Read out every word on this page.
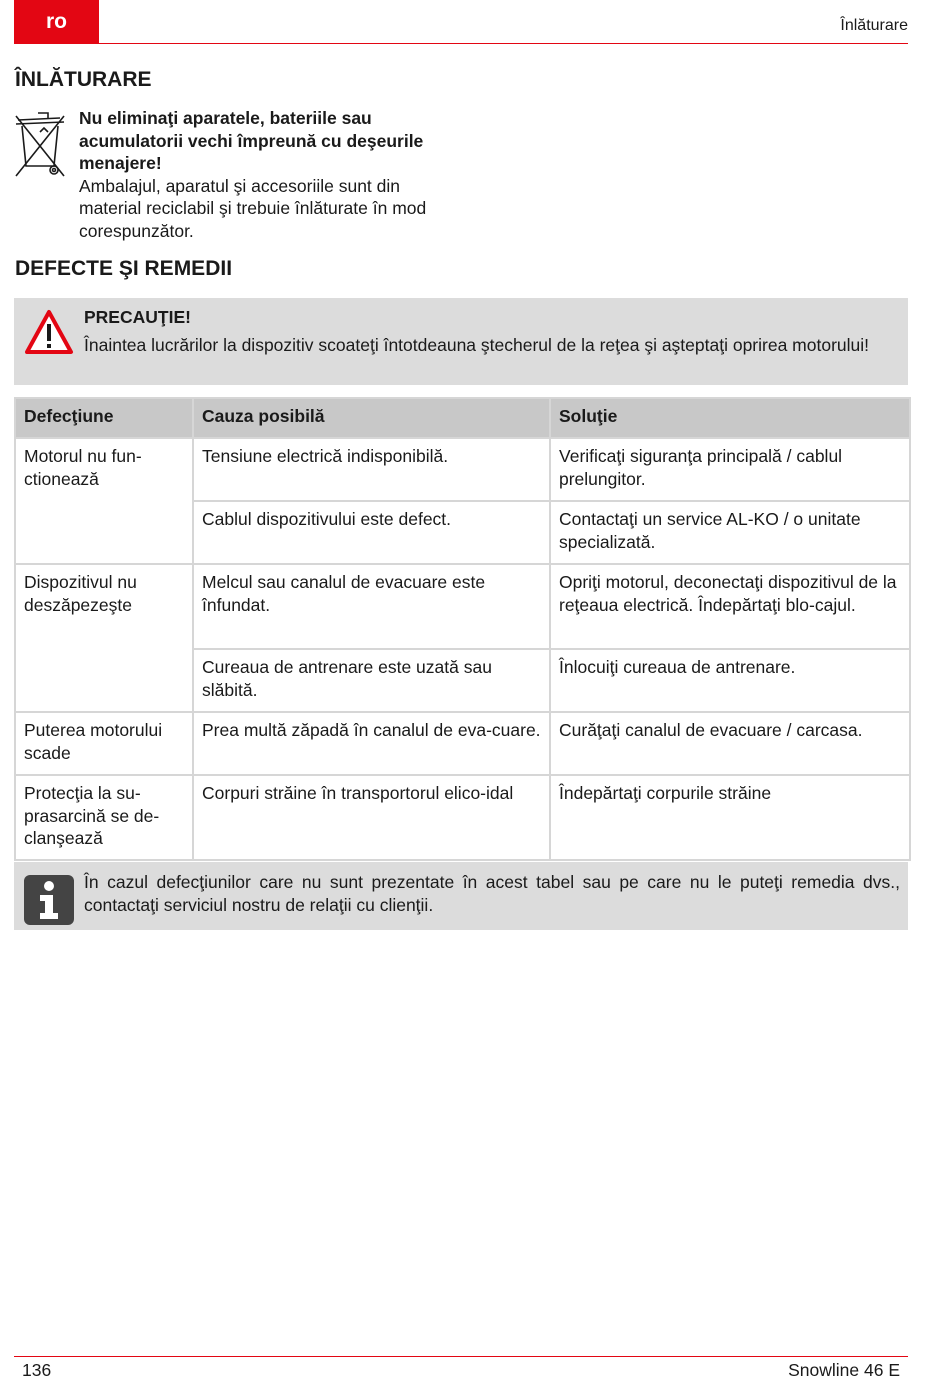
ro	Înlăturare
ÎNLĂTURARE
Nu eliminaţi aparatele, bateriile sau acumulatorii vechi împreună cu deşeurile menajere!
Ambalajul, aparatul şi accesoriile sunt din material reciclabil şi trebuie înlăturate în mod corespunzător.
DEFECTE ŞI REMEDII
PRECAUŢIE!
Înaintea lucrărilor la dispozitiv scoateţi întotdeauna ştecherul de la reţea şi aşteptaţi oprirea motorului!
Defecţiune	Cauza posibilă	Soluţie
Motorul nu fun-ctionează	Tensiune electrică indisponibilă.	Verificaţi siguranţa principală / cablul prelungitor.
	Cablul dispozitivului este defect.	Contactaţi un service AL-KO / o unitate specializată.
Dispozitivul nu deszăpezeşte	Melcul sau canalul de evacuare este înfundat.	Opriţi motorul, deconectaţi dispozitivul de la reţeaua electrică. Îndepărtaţi blo-cajul.
	Cureaua de antrenare este uzată sau slăbită.	Înlocuiţi cureaua de antrenare.
Puterea motorului scade	Prea multă zăpadă în canalul de eva-cuare.	Curăţaţi canalul de evacuare / carcasa.
Protecţia la su-prasarcină se de-clanşează	Corpuri străine în transportorul elico-idal	Îndepărtaţi corpurile străine
În cazul defecţiunilor care nu sunt prezentate în acest tabel sau pe care nu le puteţi remedia dvs., contactaţi serviciul nostru de relaţii cu clienţii.
136	Snowline 46 E
